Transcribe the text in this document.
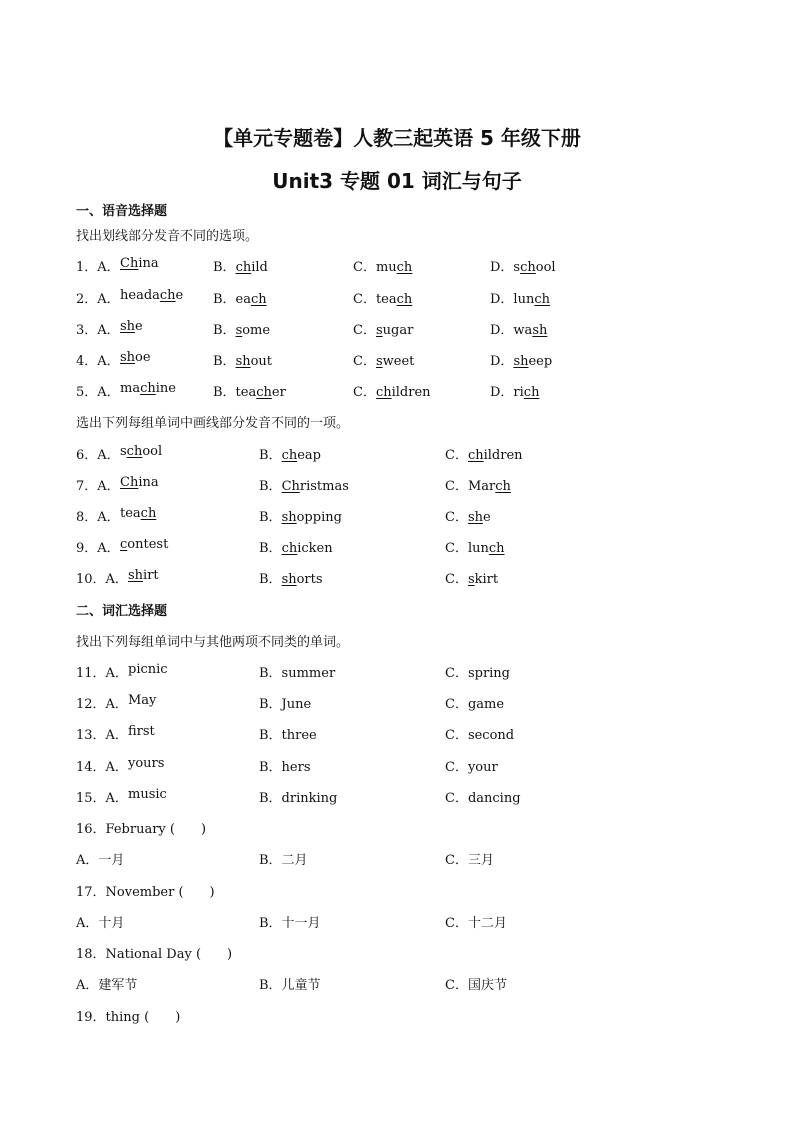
【单元专题卷】人教三起英语 5 年级下册
Unit3 专题 01 词汇与句子
一、语音选择题
找出划线部分发音不同的选项。
1．A． China	B．child	C．much	D．school
2．A． headache B．each	C．teach	D．lunch
3．A． she	B．some	C．sugar	D．wash
4．A． shoe	B．shout	C．sweet	D．sheep
5．A． machine	B．teacher	C．children	D．rich
选出下列每组单词中画线部分发音不同的一项。
6．A． school	B．cheap	C．children
7．A． China	B．Christmas	C．March
8．A． teach	B．shopping	C．she
9．A． contest	B．chicken	C．lunch
10．A． shirt	B．shorts	C．skirt
二、词汇选择题
找出下列每组单词中与其他两项不同类的单词。
11．A． picnic	B．summer	C．spring
12．A． May	B．June	C．game
13．A． first	B．three	C．second
14．A． yours	B．hers	C．your
15．A． music	B．drinking	C．dancing
16．February ( )
A．一月	B．二月	C．三月
17．November ( )
A．十月	B．十一月	C．十二月
18．National Day ( )
A．建军节	B．儿童节	C．国庆节
19．thing ( )
